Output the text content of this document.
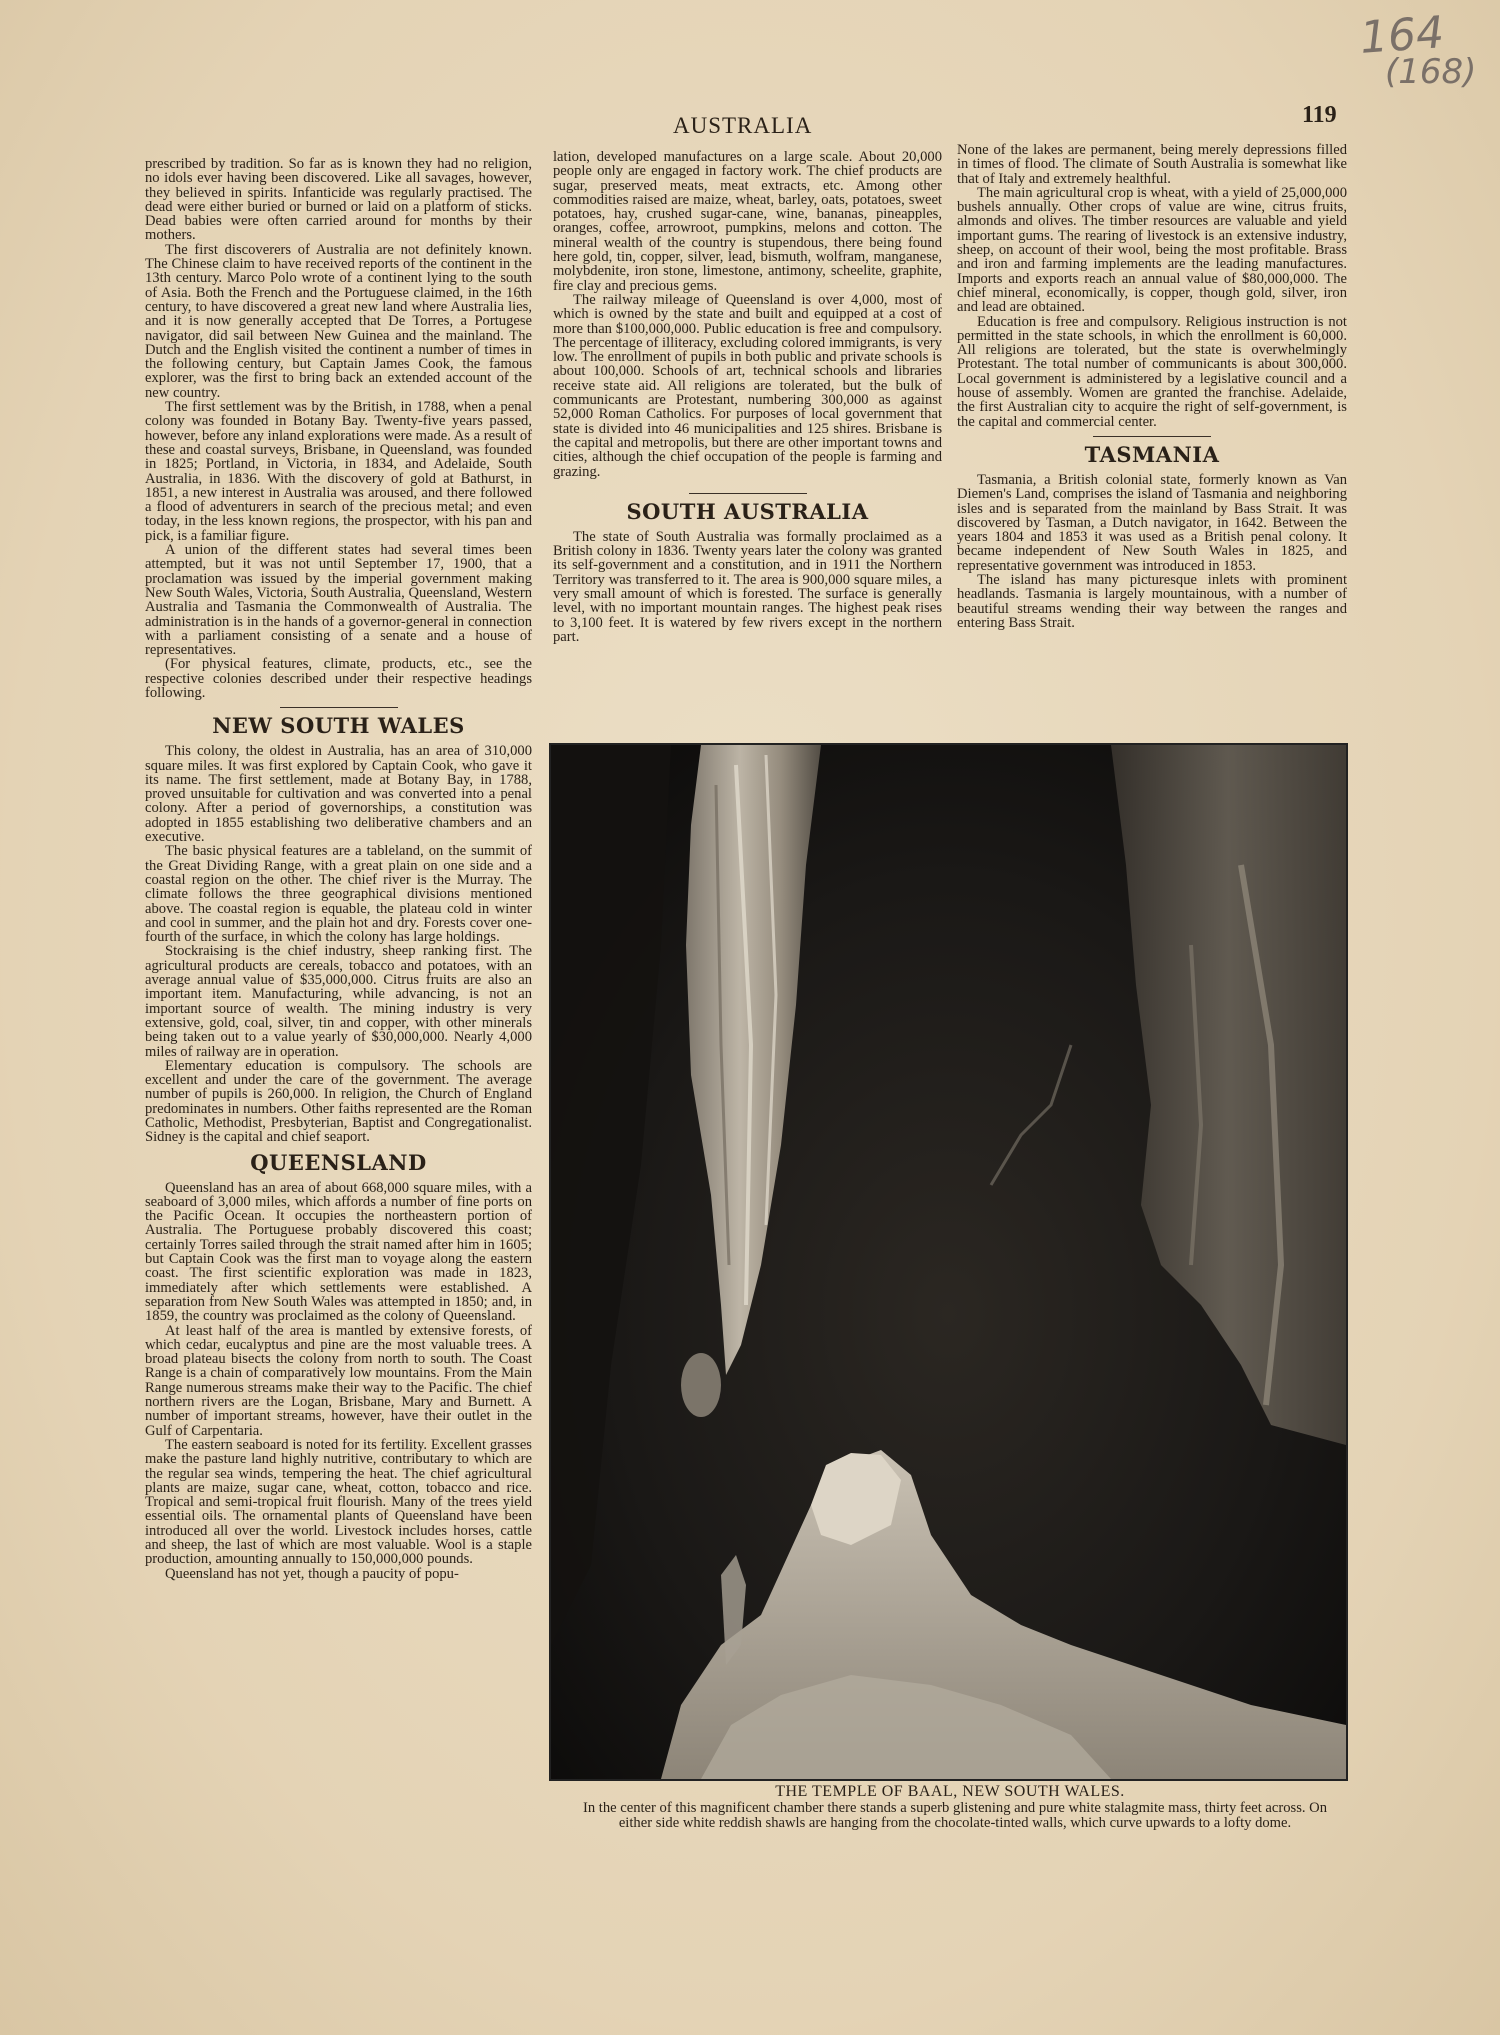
164
(168)
AUSTRALIA	119

prescribed by tradition. So far as is known they had no religion, no idols ever having been discovered. Like all savages, however, they believed in spirits. Infanticide was regularly practised. The dead were either buried or burned or laid on a platform of sticks. Dead babies were often carried around for months by their mothers.

The first discoverers of Australia are not definitely known. The Chinese claim to have received reports of the continent in the 13th century. Marco Polo wrote of a continent lying to the south of Asia. Both the French and the Portuguese claimed, in the 16th century, to have discovered a great new land where Australia lies, and it is now generally accepted that De Torres, a Portugese navigator, did sail between New Guinea and the mainland. The Dutch and the English visited the continent a number of times in the following century, but Captain James Cook, the famous explorer, was the first to bring back an extended account of the new country.

The first settlement was by the British, in 1788, when a penal colony was founded in Botany Bay. Twenty-five years passed, however, before any inland explorations were made. As a result of these and coastal surveys, Brisbane, in Queensland, was founded in 1825; Portland, in Victoria, in 1834, and Adelaide, South Australia, in 1836. With the discovery of gold at Bathurst, in 1851, a new interest in Australia was aroused, and there followed a flood of adventurers in search of the precious metal; and even today, in the less known regions, the prospector, with his pan and pick, is a familiar figure.

A union of the different states had several times been attempted, but it was not until September 17, 1900, that a proclamation was issued by the imperial government making New South Wales, Victoria, South Australia, Queensland, Western Australia and Tasmania the Commonwealth of Australia. The administration is in the hands of a governor-general in connection with a parliament consisting of a senate and a house of representatives.

(For physical features, climate, products, etc., see the respective colonies described under their respective headings following.

NEW SOUTH WALES

This colony, the oldest in Australia, has an area of 310,000 square miles. It was first explored by Captain Cook, who gave it its name. The first settlement, made at Botany Bay, in 1788, proved unsuitable for cultivation and was converted into a penal colony. After a period of governorships, a constitution was adopted in 1855 establishing two deliberative chambers and an executive.

The basic physical features are a tableland, on the summit of the Great Dividing Range, with a great plain on one side and a coastal region on the other. The chief river is the Murray. The climate follows the three geographical divisions mentioned above. The coastal region is equable, the plateau cold in winter and cool in summer, and the plain hot and dry. Forests cover one-fourth of the surface, in which the colony has large holdings.

Stockraising is the chief industry, sheep ranking first. The agricultural products are cereals, tobacco and potatoes, with an average annual value of $35,000,000. Citrus fruits are also an important item. Manufacturing, while advancing, is not an important source of wealth. The mining industry is very extensive, gold, coal, silver, tin and copper, with other minerals being taken out to a value yearly of $30,000,000. Nearly 4,000 miles of railway are in operation.

Elementary education is compulsory. The schools are excellent and under the care of the government. The average number of pupils is 260,000. In religion, the Church of England predominates in numbers. Other faiths represented are the Roman Catholic, Methodist, Presbyterian, Baptist and Congregationalist. Sidney is the capital and chief seaport.

QUEENSLAND

Queensland has an area of about 668,000 square miles, with a seaboard of 3,000 miles, which affords a number of fine ports on the Pacific Ocean. It occupies the northeastern portion of Australia. The Portuguese probably discovered this coast; certainly Torres sailed through the strait named after him in 1605; but Captain Cook was the first man to voyage along the eastern coast. The first scientific exploration was made in 1823, immediately after which settlements were established. A separation from New South Wales was attempted in 1850; and, in 1859, the country was proclaimed as the colony of Queensland.

At least half of the area is mantled by extensive forests, of which cedar, eucalyptus and pine are the most valuable trees. A broad plateau bisects the colony from north to south. The Coast Range is a chain of comparatively low mountains. From the Main Range numerous streams make their way to the Pacific. The chief northern rivers are the Logan, Brisbane, Mary and Burnett. A number of important streams, however, have their outlet in the Gulf of Carpentaria.

The eastern seaboard is noted for its fertility. Excellent grasses make the pasture land highly nutritive, contributary to which are the regular sea winds, tempering the heat. The chief agricultural plants are maize, sugar cane, wheat, cotton, tobacco and rice. Tropical and semi-tropical fruit flourish. Many of the trees yield essential oils. The ornamental plants of Queensland have been introduced all over the world. Livestock includes horses, cattle and sheep, the last of which are most valuable. Wool is a staple production, amounting annually to 150,000,000 pounds.

Queensland has not yet, though a paucity of popu-

lation, developed manufactures on a large scale. About 20,000 people only are engaged in factory work. The chief products are sugar, preserved meats, meat extracts, etc. Among other commodities raised are maize, wheat, barley, oats, potatoes, sweet potatoes, hay, crushed sugar-cane, wine, bananas, pineapples, oranges, coffee, arrowroot, pumpkins, melons and cotton. The mineral wealth of the country is stupendous, there being found here gold, tin, copper, silver, lead, bismuth, wolfram, manganese, molybdenite, iron stone, limestone, antimony, scheelite, graphite, fire clay and precious gems.

The railway mileage of Queensland is over 4,000, most of which is owned by the state and built and equipped at a cost of more than $100,000,000. Public education is free and compulsory. The percentage of illiteracy, excluding colored immigrants, is very low. The enrollment of pupils in both public and private schools is about 100,000. Schools of art, technical schools and libraries receive state aid. All religions are tolerated, but the bulk of communicants are Protestant, numbering 300,000 as against 52,000 Roman Catholics. For purposes of local government that state is divided into 46 municipalities and 125 shires. Brisbane is the capital and metropolis, but there are other important towns and cities, although the chief occupation of the people is farming and grazing.

SOUTH AUSTRALIA

The state of South Australia was formally proclaimed as a British colony in 1836. Twenty years later the colony was granted its self-government and a constitution, and in 1911 the Northern Territory was transferred to it. The area is 900,000 square miles, a very small amount of which is forested. The surface is generally level, with no important mountain ranges. The highest peak rises to 3,100 feet. It is watered by few rivers except in the northern part.

None of the lakes are permanent, being merely depressions filled in times of flood. The climate of South Australia is somewhat like that of Italy and extremely healthful.

The main agricultural crop is wheat, with a yield of 25,000,000 bushels annually. Other crops of value are wine, citrus fruits, almonds and olives. The timber resources are valuable and yield important gums. The rearing of livestock is an extensive industry, sheep, on account of their wool, being the most profitable. Brass and iron and farming implements are the leading manufactures. Imports and exports reach an annual value of $80,000,000. The chief mineral, economically, is copper, though gold, silver, iron and lead are obtained.

Education is free and compulsory. Religious instruction is not permitted in the state schools, in which the enrollment is 60,000. All religions are tolerated, but the state is overwhelmingly Protestant. The total number of communicants is about 300,000. Local government is administered by a legislative council and a house of assembly. Women are granted the franchise. Adelaide, the first Australian city to acquire the right of self-government, is the capital and commercial center.

TASMANIA

Tasmania, a British colonial state, formerly known as Van Diemen's Land, comprises the island of Tasmania and neighboring isles and is separated from the mainland by Bass Strait. It was discovered by Tasman, a Dutch navigator, in 1642. Between the years 1804 and 1853 it was used as a British penal colony. It became independent of New South Wales in 1825, and representative government was introduced in 1853.

The island has many picturesque inlets with prominent headlands. Tasmania is largely mountainous, with a number of beautiful streams wending their way between the ranges and entering Bass Strait.

THE TEMPLE OF BAAL, NEW SOUTH WALES.
In the center of this magnificent chamber there stands a superb glistening and pure white stalagmite mass, thirty feet across. On either side white reddish shawls are hanging from the chocolate-tinted walls, which curve upwards to a lofty dome.
